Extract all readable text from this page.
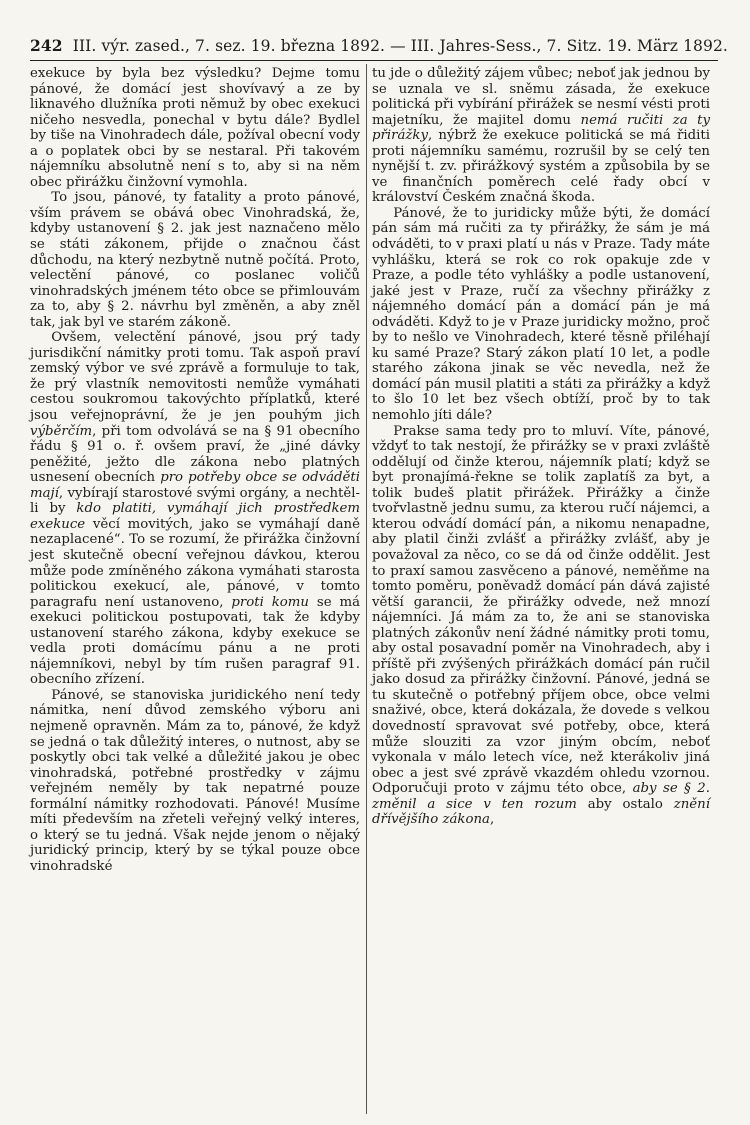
242 III. výr. zased., 7. sez. 19. března 1892. — III. Jahres-Sess., 7. Sitz. 19. März 1892.

exekuce by byla bez výsledku? Dejme tomu pánové, že domácí jest shovívavý a ze by liknavého dlužníka proti němuž by obec exekuci ničeho nesvedla, ponechal v bytu dále? Bydlel by tiše na Vinohradech dále, požíval obecní vody a o poplatek obci by se nestaral. Při takovém nájemníku absolutně není s to, aby si na něm obec přirážku činžovní vymohla.

To jsou, pánové, ty fatality a proto pánové, vším právem se obává obec Vinohradská, že, kdyby ustanovení § 2. jak jest naznačeno mělo se státi zákonem, přijde o značnou část důchodu, na který nezbytně nutně počítá. Proto, velectění pánové, co poslanec voličů vinohradských jménem této obce se přimlouvám za to, aby § 2. návrhu byl změněn, a aby zněl tak, jak byl ve starém zákoně.

Ovšem, velectění pánové, jsou prý tady jurisdikční námitky proti tomu. Tak aspoň praví zemský výbor ve své zprávě a formuluje to tak, že prý vlastník nemovitosti nemůže vymáhati cestou soukromou takovýchto příplatků, které jsou veřejnoprávní, že je jen pouhým jich výběrčím, při tom odvolává se na § 91 obecního řádu § 91 o. ř. ovšem praví, že „jiné dávky peněžité, ježto dle zákona nebo platných usnesení obecních pro potřeby obce se odváděti mají, vybírají starostové svými orgány, a nechtěl-li by kdo platiti, vymáhají jich prostředkem exekuce věcí movitých, jako se vymáhají daně nezaplacené“. To se rozumí, že přirážka činžovní jest skutečně obecní veřejnou dávkou, kterou může pode zmíněného zákona vymáhati starosta politickou exekucí, ale, pánové, v tomto paragrafu není ustanoveno, proti komu se má exekuci politickou postupovati, tak že kdyby ustanovení starého zákona, kdyby exekuce se vedla proti domácímu pánu a ne proti nájemníkovi, nebyl by tím rušen paragraf 91. obecního zřízení.

Pánové, se stanoviska juridického není tedy námitka, není důvod zemského výboru ani nejmeně opravněn. Mám za to, pánové, že když se jedná o tak důležitý interes, o nutnost, aby se poskytly obci tak velké a důležité jakou je obec vinohradská, potřebné prostředky v zájmu veřejném neměly by tak nepatrné pouze formální námitky rozhodovati. Pánové! Musíme míti především na zřeteli veřejný velký interes, o který se tu jedná. Však nejde jenom o nějaký juridický princip, který by se týkal pouze obce vinohradské

tu jde o důležitý zájem vůbec; neboť jak jednou by se uznala ve sl. sněmu zásada, že exekuce politická při vybírání přirážek se nesmí vésti proti majetníku, že majitel domu nemá ručiti za ty přirážky, nýbrž že exekuce politická se má řiditi proti nájemníku samému, rozrušil by se celý ten nynější t. zv. přirážkový systém a způsobila by se ve finančních poměrech celé řady obcí v království Českém značná škoda.

Pánové, že to juridicky může býti, že domácí pán sám má ručiti za ty přirážky, že sám je má odváděti, to v praxi platí u nás v Praze. Tady máte vyhlášku, která se rok co rok opakuje zde v Praze, a podle této vyhlášky a podle ustanovení, jaké jest v Praze, ručí za všechny přirážky z nájemného domácí pán a domácí pán je má odváděti. Když to je v Praze juridicky možno, proč by to nešlo ve Vinohradech, které těsně přiléhají ku samé Praze? Starý zákon platí 10 let, a podle starého zákona jinak se věc nevedla, než že domácí pán musil platiti a státi za přirážky a když to šlo 10 let bez všech obtíží, proč by to tak nemohlo jíti dále?

Prakse sama tedy pro to mluví. Víte, pánové, vždyť to tak nestojí, že přirážky se v praxi zvláště oddělují od činže kterou, nájemník platí; když se byt pronajímá-řekne se tolik zaplatíš za byt, a tolik budeš platit přirážek. Přirážky a činže tvořvlastně jednu sumu, za kterou ručí nájemci, a kterou odvádí domácí pán, a nikomu nenapadne, aby platil činži zvlášť a přirážky zvlášť, aby je považoval za něco, co se dá od činže oddělit. Jest to praxí samou zasvěceno a pánové, neměňme na tomto poměru, poněvadž domácí pán dává zajisté větší garancii, že přirážky odvede, než mnozí nájemníci. Já mám za to, že ani se stanoviska platných zákonův není žádné námitky proti tomu, aby ostal posavadní poměr na Vinohradech, aby i příště při zvýšených přirážkách domácí pán ručil jako dosud za přirážky činžovní. Pánové, jedná se tu skutečně o potřebný příjem obce, obce velmi snaživé, obce, která dokázala, že dovede s velkou dovedností spravovat své potřeby, obce, která může slouziti za vzor jiným obcím, neboť vykonala v málo letech více, než kterákoliv jiná obec a jest své zprávě vkazdém ohledu vzornou. Odporučuji proto v zájmu této obce, aby se § 2. změnil a sice v ten rozum aby ostalo znění dřívějšího zákona,
